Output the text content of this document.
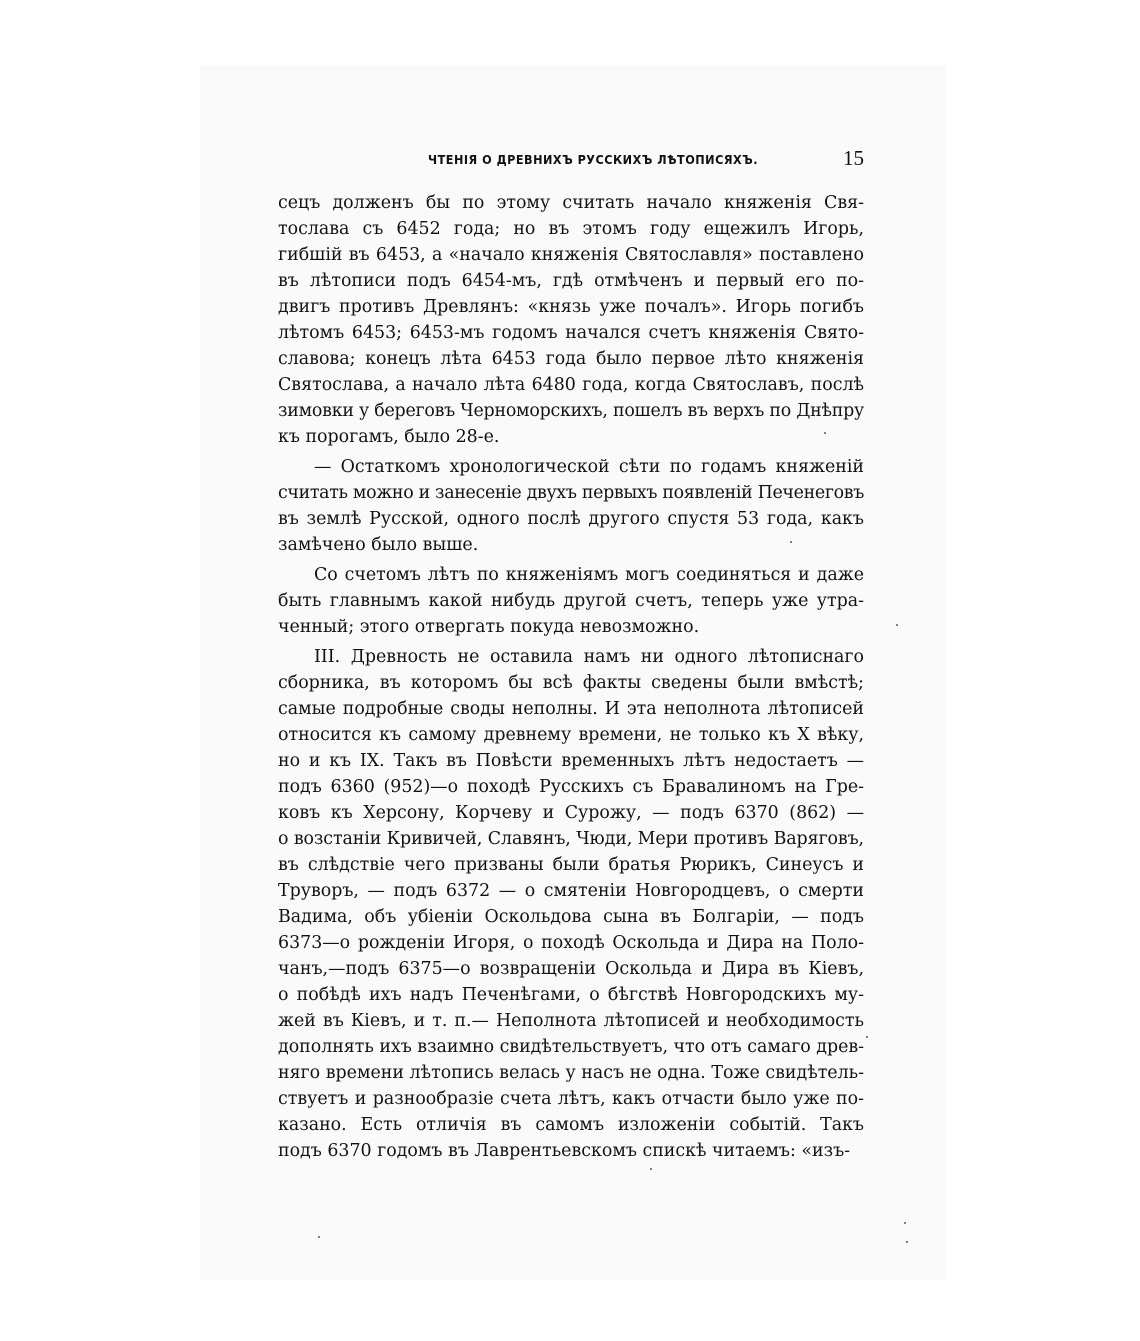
ЧТЕНІЯ О ДРЕВНИХЪ РУССКИХЪ ЛѢТОПИСЯХЪ.	15
сецъ долженъ бы по этому считать начало княженія Свя-
тослава съ 6452 года; но въ этомъ году ещежилъ Игорь,
гибшій въ 6453, а «начало княженія Святославля» поставлено
въ лѣтописи подъ 6454-мъ, гдѣ отмѣченъ и первый его по-
двигъ противъ Древлянъ: «князь уже почалъ». Игорь погибъ
лѣтомъ 6453; 6453-мъ годомъ начался счетъ княженія Свято-
славова; конецъ лѣта 6453 года было первое лѣто княженія
Святослава, а начало лѣта 6480 года, когда Святославъ, послѣ
зимовки у береговъ Черноморскихъ, пошелъ въ верхъ по Днѣпру
къ порогамъ, было 28-е.
— Остаткомъ хронологической сѣти по годамъ княженій
считать можно и занесеніе двухъ первыхъ появленій Печенеговъ
въ землѣ Русской, одного послѣ другого спустя 53 года, какъ
замѣчено было выше.
Со счетомъ лѣтъ по княженіямъ могъ соединяться и даже
быть главнымъ какой нибудь другой счетъ, теперь уже утра-
ченный; этого отвергать покуда невозможно.
III. Древность не оставила намъ ни одного лѣтописнаго
сборника, въ которомъ бы всѣ факты сведены были вмѣстѣ;
самые подробные своды неполны. И эта неполнота лѣтописей
относится къ самому древнему времени, не только къ X вѣку,
но и къ IX. Такъ въ Повѣсти временныхъ лѣтъ недостаетъ —
подъ 6360 (952)—о походѣ Русскихъ съ Бравалиномъ на Гре-
ковъ къ Херсону, Корчеву и Сурожу, — подъ 6370 (862) —
о возстаніи Кривичей, Славянъ, Чюди, Мери противъ Варяговъ,
въ слѣдствіе чего призваны были братья Рюрикъ, Синеусъ и
Труворъ, — подъ 6372 — о смятеніи Новгородцевъ, о смерти
Вадима, объ убіеніи Оскольдова сына въ Болгаріи, — подъ
6373—о рожденіи Игоря, о походѣ Оскольда и Дира на Поло-
чанъ,—подъ 6375—о возвращеніи Оскольда и Дира въ Кіевъ,
о побѣдѣ ихъ надъ Печенѣгами, о бѣгствѣ Новгородскихъ му-
жей въ Кіевъ, и т. п.— Неполнота лѣтописей и необходимость
дополнять ихъ взаимно свидѣтельствуетъ, что отъ самаго древ-
няго времени лѣтопись велась у насъ не одна. Тоже свидѣтель-
ствуетъ и разнообразіе счета лѣтъ, какъ отчасти было уже по-
казано. Есть отличія въ самомъ изложеніи событій. Такъ
подъ 6370 годомъ въ Лаврентьевскомъ спискѣ читаемъ: «изъ-
